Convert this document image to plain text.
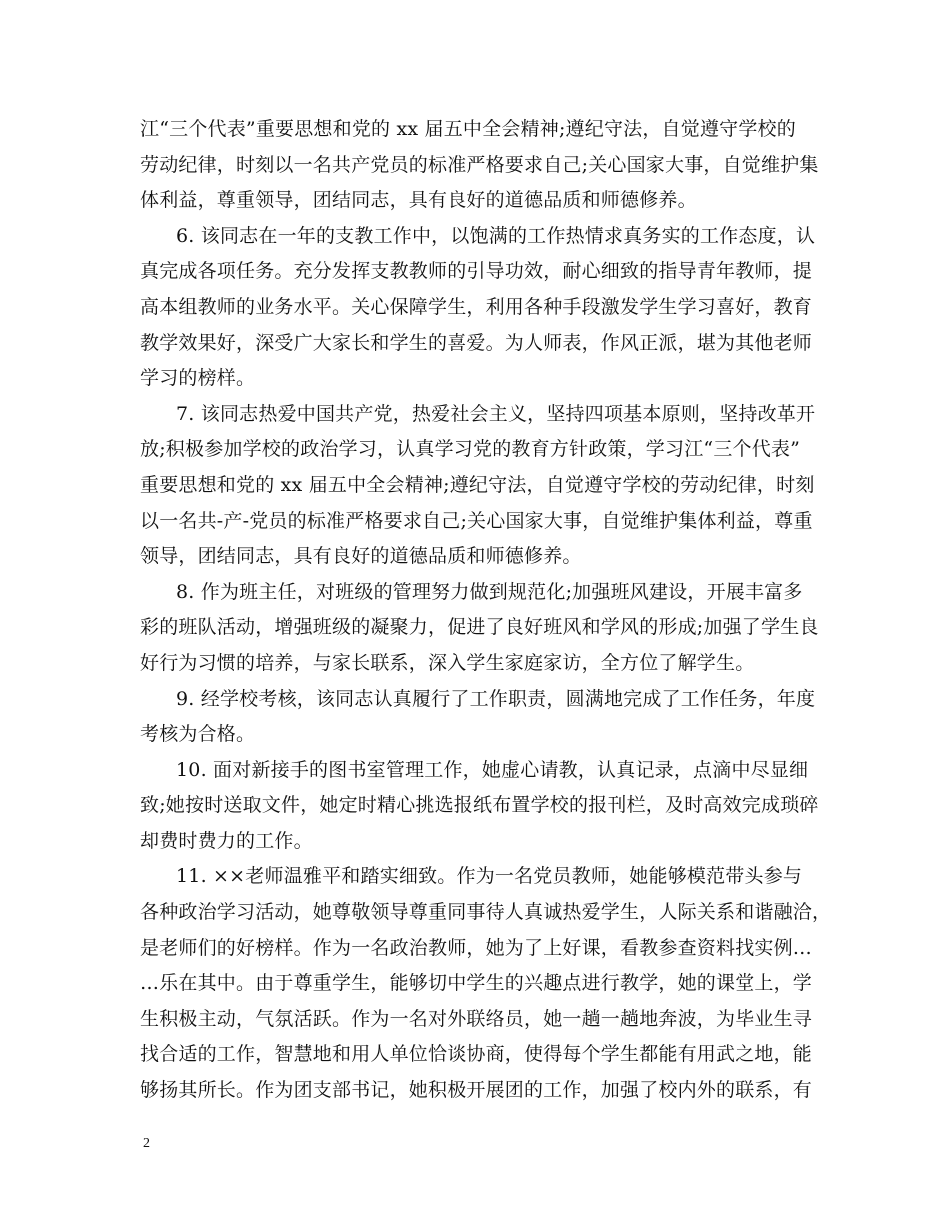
江“三个代表”重要思想和党的 xx 届五中全会精神;遵纪守法，自觉遵守学校的
劳动纪律，时刻以一名共产党员的标准严格要求自己;关心国家大事，自觉维护集
体利益，尊重领导，团结同志，具有良好的道德品质和师德修养。
6. 该同志在一年的支教工作中，以饱满的工作热情求真务实的工作态度，认
真完成各项任务。充分发挥支教教师的引导功效，耐心细致的指导青年教师，提
高本组教师的业务水平。关心保障学生，利用各种手段激发学生学习喜好，教育
教学效果好，深受广大家长和学生的喜爱。为人师表，作风正派，堪为其他老师
学习的榜样。
7. 该同志热爱中国共产党，热爱社会主义，坚持四项基本原则，坚持改革开
放;积极参加学校的政治学习，认真学习党的教育方针政策，学习江“三个代表”
重要思想和党的 xx 届五中全会精神;遵纪守法，自觉遵守学校的劳动纪律，时刻
以一名共-产-党员的标准严格要求自己;关心国家大事，自觉维护集体利益，尊重
领导，团结同志，具有良好的道德品质和师德修养。
8. 作为班主任，对班级的管理努力做到规范化;加强班风建设，开展丰富多
彩的班队活动，增强班级的凝聚力，促进了良好班风和学风的形成;加强了学生良
好行为习惯的培养，与家长联系，深入学生家庭家访，全方位了解学生。
9. 经学校考核，该同志认真履行了工作职责，圆满地完成了工作任务，年度
考核为合格。
10. 面对新接手的图书室管理工作，她虚心请教，认真记录，点滴中尽显细
致;她按时送取文件，她定时精心挑选报纸布置学校的报刊栏，及时高效完成琐碎
却费时费力的工作。
11. ××老师温雅平和踏实细致。作为一名党员教师，她能够模范带头参与
各种政治学习活动，她尊敬领导尊重同事待人真诚热爱学生，人际关系和谐融洽，
是老师们的好榜样。作为一名政治教师，她为了上好课，看教参查资料找实例…
…乐在其中。由于尊重学生，能够切中学生的兴趣点进行教学，她的课堂上，学
生积极主动，气氛活跃。作为一名对外联络员，她一趟一趟地奔波，为毕业生寻
找合适的工作，智慧地和用人单位恰谈协商，使得每个学生都能有用武之地，能
够扬其所长。作为团支部书记，她积极开展团的工作，加强了校内外的联系，有
2
